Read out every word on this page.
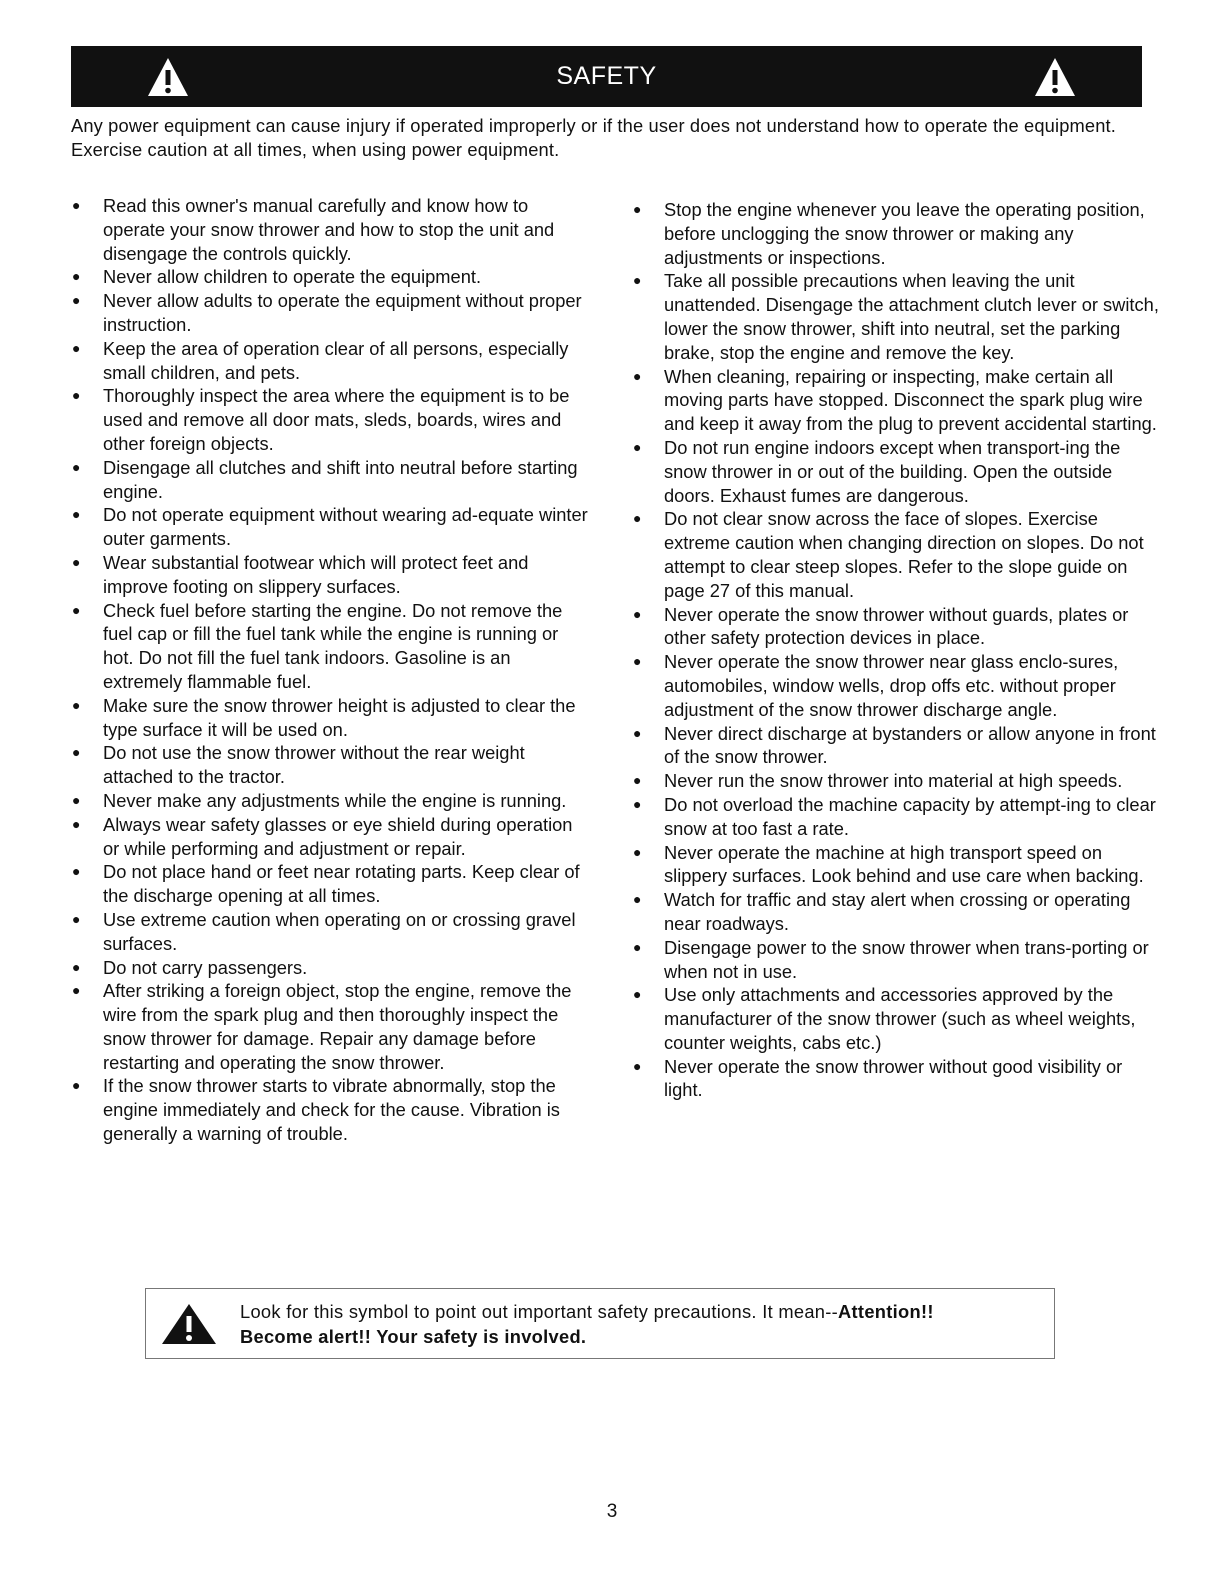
SAFETY
Any power equipment can cause injury if operated improperly or if the user does not understand how to operate the equipment. Exercise caution at all times, when using power equipment.
● Read this owner's manual carefully and know how to operate your snow thrower and how to stop the unit and disengage the controls quickly.
● Never allow children to operate the equipment.
● Never allow adults to operate the equipment without proper instruction.
● Keep the area of operation clear of all persons, especially small children, and pets.
● Thoroughly inspect the area where the equipment is to be used and remove all door mats, sleds, boards, wires and other foreign objects.
● Disengage all clutches and shift into neutral before starting engine.
● Do not operate equipment without wearing ad-equate winter outer garments.
● Wear substantial footwear which will protect feet and improve footing on slippery surfaces.
● Check fuel before starting the engine. Do not remove the fuel cap or fill the fuel tank while the engine is running or hot. Do not fill the fuel tank indoors. Gasoline is an extremely flammable fuel.
● Make sure the snow thrower height is adjusted to clear the type surface it will be used on.
● Do not use the snow thrower without the rear weight attached to the tractor.
● Never make any adjustments while the engine is running.
● Always wear safety glasses or eye shield during operation or while performing and adjustment or repair.
● Do not place hand or feet near rotating parts. Keep clear of the discharge opening at all times.
● Use extreme caution when operating on or crossing gravel surfaces.
● Do not carry passengers.
● After striking a foreign object, stop the engine, remove the wire from the spark plug and then thoroughly inspect the snow thrower for damage. Repair any damage before restarting and operating the snow thrower.
● If the snow thrower starts to vibrate abnormally, stop the engine immediately and check for the cause. Vibration is generally a warning of trouble.
● Stop the engine whenever you leave the operating position, before unclogging the snow thrower or making any adjustments or inspections.
● Take all possible precautions when leaving the unit unattended. Disengage the attachment clutch lever or switch, lower the snow thrower, shift into neutral, set the parking brake, stop the engine and remove the key.
● When cleaning, repairing or inspecting, make certain all moving parts have stopped. Disconnect the spark plug wire and keep it away from the plug to prevent accidental starting.
● Do not run engine indoors except when transport-ing the snow thrower in or out of the building. Open the outside doors. Exhaust fumes are dangerous.
● Do not clear snow across the face of slopes. Exercise extreme caution when changing direction on slopes. Do not attempt to clear steep slopes. Refer to the slope guide on page 27 of this manual.
● Never operate the snow thrower without guards, plates or other safety protection devices in place.
● Never operate the snow thrower near glass enclo-sures, automobiles, window wells, drop offs etc. without proper adjustment of the snow thrower discharge angle.
● Never direct discharge at bystanders or allow anyone in front of the snow thrower.
● Never run the snow thrower into material at high speeds.
● Do not overload the machine capacity by attempt-ing to clear snow at too fast a rate.
● Never operate the machine at high transport speed on slippery surfaces. Look behind and use care when backing.
● Watch for traffic and stay alert when crossing or operating near roadways.
● Disengage power to the snow thrower when trans-porting or when not in use.
● Use only attachments and accessories approved by the manufacturer of the snow thrower (such as wheel weights, counter weights, cabs etc.)
● Never operate the snow thrower without good visibility or light.
Look for this symbol to point out important safety precautions. It mean--Attention!!
Become alert!! Your safety is involved.
3
